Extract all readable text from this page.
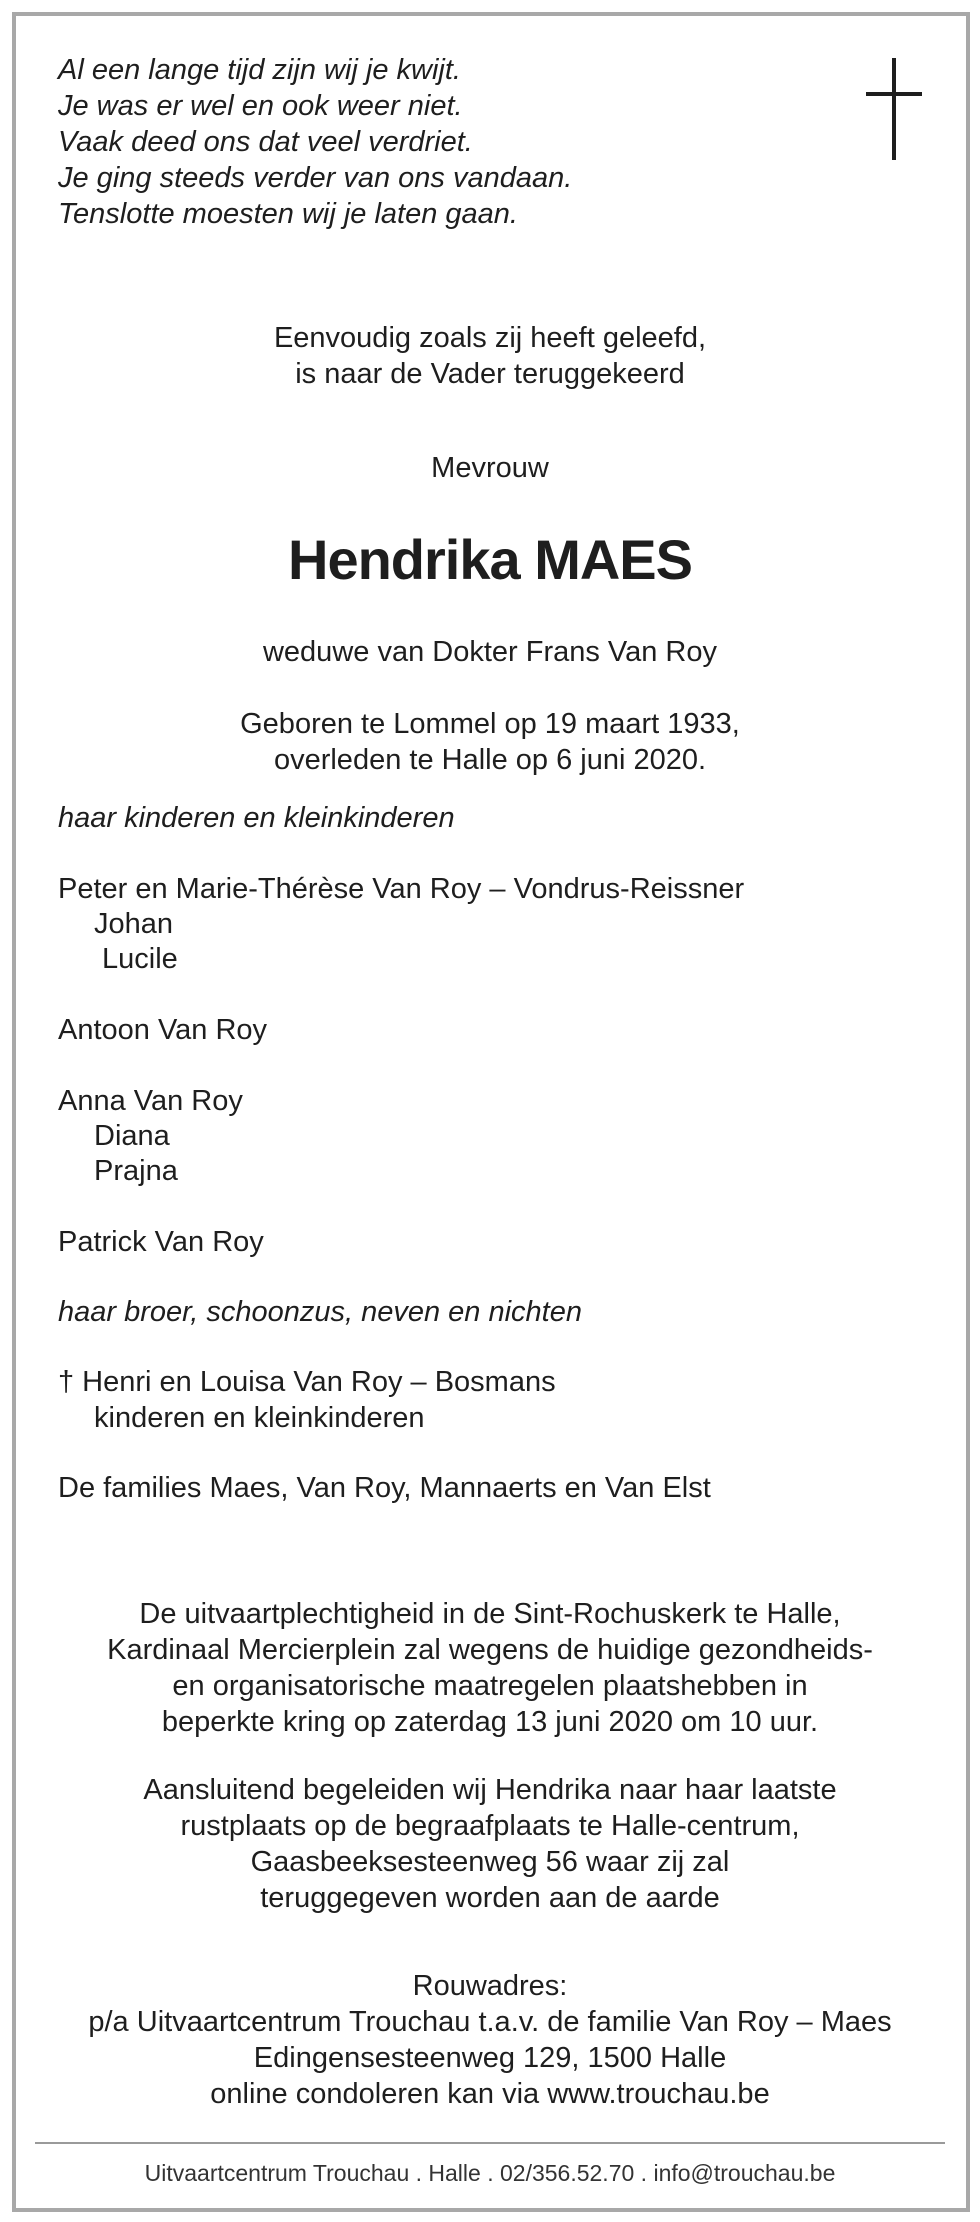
Al een lange tijd zijn wij je kwijt.
Je was er wel en ook weer niet.
Vaak deed ons dat veel verdriet.
Je ging steeds verder van ons vandaan.
Tenslotte moesten wij je laten gaan.
Eenvoudig zoals zij heeft geleefd,
is naar de Vader teruggekeerd
Mevrouw
Hendrika MAES
weduwe van Dokter Frans Van Roy
Geboren te Lommel op 19 maart 1933,
overleden te Halle op 6 juni 2020.
haar kinderen en kleinkinderen
Peter en Marie-Thérèse Van Roy – Vondrus-Reissner
Johan
Lucile
Antoon Van Roy
Anna Van Roy
Diana
Prajna
Patrick Van Roy
haar broer, schoonzus, neven en nichten
† Henri en Louisa Van Roy – Bosmans
kinderen en kleinkinderen
De families Maes, Van Roy, Mannaerts en Van Elst
De uitvaartplechtigheid in de Sint-Rochuskerk te Halle,
Kardinaal Mercierplein zal wegens de huidige gezondheids-
en organisatorische maatregelen plaatshebben in
beperkte kring op zaterdag 13 juni 2020 om 10 uur.
Aansluitend begeleiden wij Hendrika naar haar laatste
rustplaats op de begraafplaats te Halle-centrum,
Gaasbeeksesteenweg 56 waar zij zal
teruggegeven worden aan de aarde
Rouwadres:
p/a Uitvaartcentrum Trouchau t.a.v. de familie Van Roy – Maes
Edingensesteenweg 129, 1500 Halle
online condoleren kan via www.trouchau.be
Uitvaartcentrum Trouchau . Halle . 02/356.52.70 . info@trouchau.be
